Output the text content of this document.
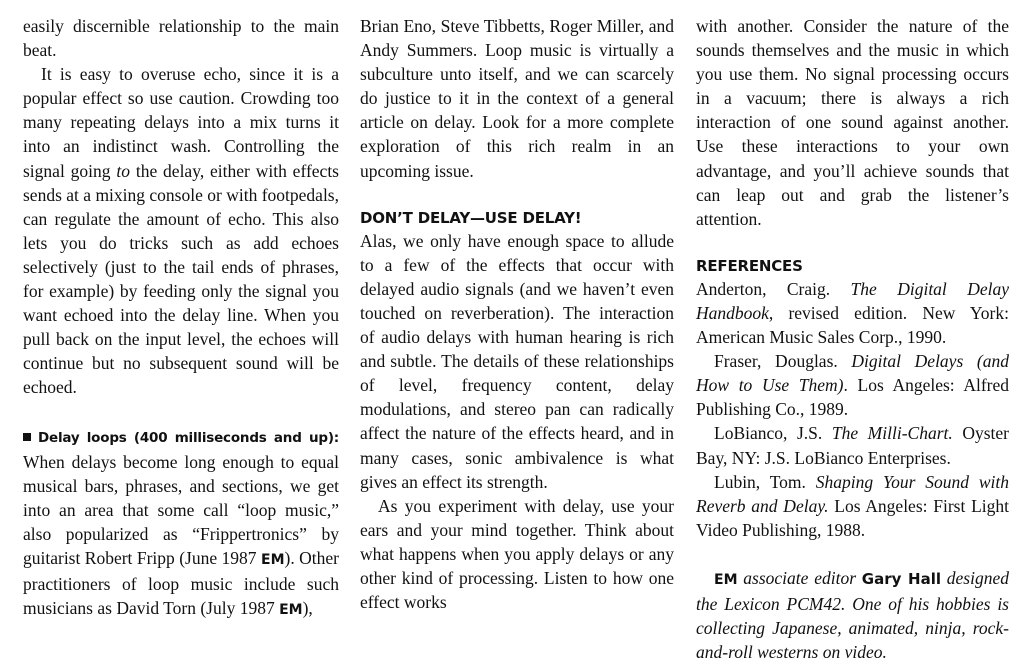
easily discernible relationship to the main beat.

It is easy to overuse echo, since it is a popular effect so use caution. Crowding too many repeating delays into a mix turns it into an indistinct wash. Controlling the signal going to the delay, either with effects sends at a mixing console or with footpedals, can regulate the amount of echo. This also lets you do tricks such as add echoes selectively (just to the tail ends of phrases, for example) by feeding only the signal you want echoed into the delay line. When you pull back on the input level, the echoes will continue but no subsequent sound will be echoed.

Delay loops (400 milliseconds and up): When delays become long enough to equal musical bars, phrases, and sections, we get into an area that some call “loop music,” also popularized as “Frippertronics” by guitarist Robert Fripp (June 1987 EM). Other practitioners of loop music include such musicians as David Torn (July 1987 EM),

Brian Eno, Steve Tibbetts, Roger Miller, and Andy Summers. Loop music is virtually a subculture unto itself, and we can scarcely do justice to it in the context of a general article on delay. Look for a more complete exploration of this rich realm in an upcoming issue.

DON’T DELAY—USE DELAY!

Alas, we only have enough space to allude to a few of the effects that occur with delayed audio signals (and we haven’t even touched on reverberation). The interaction of audio delays with human hearing is rich and subtle. The details of these relationships of level, frequency content, delay modulations, and stereo pan can radically affect the nature of the effects heard, and in many cases, sonic ambivalence is what gives an effect its strength.

As you experiment with delay, use your ears and your mind together. Think about what happens when you apply delays or any other kind of processing. Listen to how one effect works

with another. Consider the nature of the sounds themselves and the music in which you use them. No signal processing occurs in a vacuum; there is always a rich interaction of one sound against another. Use these interactions to your own advantage, and you’ll achieve sounds that can leap out and grab the listener’s attention.

REFERENCES

Anderton, Craig. The Digital Delay Handbook, revised edition. New York: American Music Sales Corp., 1990.

Fraser, Douglas. Digital Delays (and How to Use Them). Los Angeles: Alfred Publishing Co., 1989.

LoBianco, J.S. The Milli-Chart. Oyster Bay, NY: J.S. LoBianco Enterprises.

Lubin, Tom. Shaping Your Sound with Reverb and Delay. Los Angeles: First Light Video Publishing, 1988.

EM associate editor Gary Hall designed the Lexicon PCM42. One of his hobbies is collecting Japanese, animated, ninja, rock-and-roll westerns on video.
